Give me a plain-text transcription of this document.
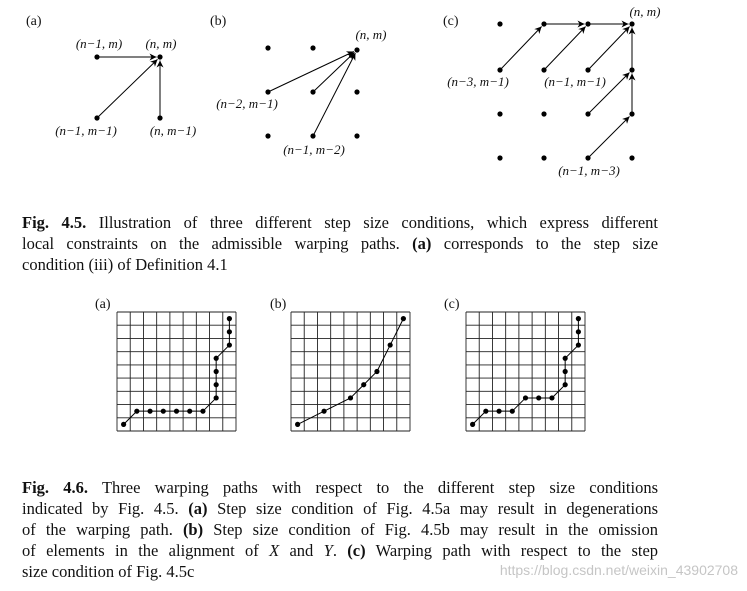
(a)
(n−1, m) (n, m)
(n−1, m−1)	(n, m−1)
(b)
(n, m)
(n−2, m−1)
(n−1, m−2)
(c)
(n, m)
(n−3, m−1)	(n−1, m−1)
(n−1, m−3)
(a)	(b)	(c)
Fig. 4.5. Illustration of three different step size conditions, which express different
local constraints on the admissible warping paths. (a) corresponds to the step size
condition (iii) of Definition 4.1
Fig. 4.6. Three warping paths with respect to the different step size conditions
indicated by Fig. 4.5. (a) Step size condition of Fig. 4.5a may result in degenerations
of the warping path. (b) Step size condition of Fig. 4.5b may result in the omission
of elements in the alignment of X and Y. (c) Warping path with respect to the step
size condition of Fig. 4.5c	https://blog.csdn.net/weixin_43902708
